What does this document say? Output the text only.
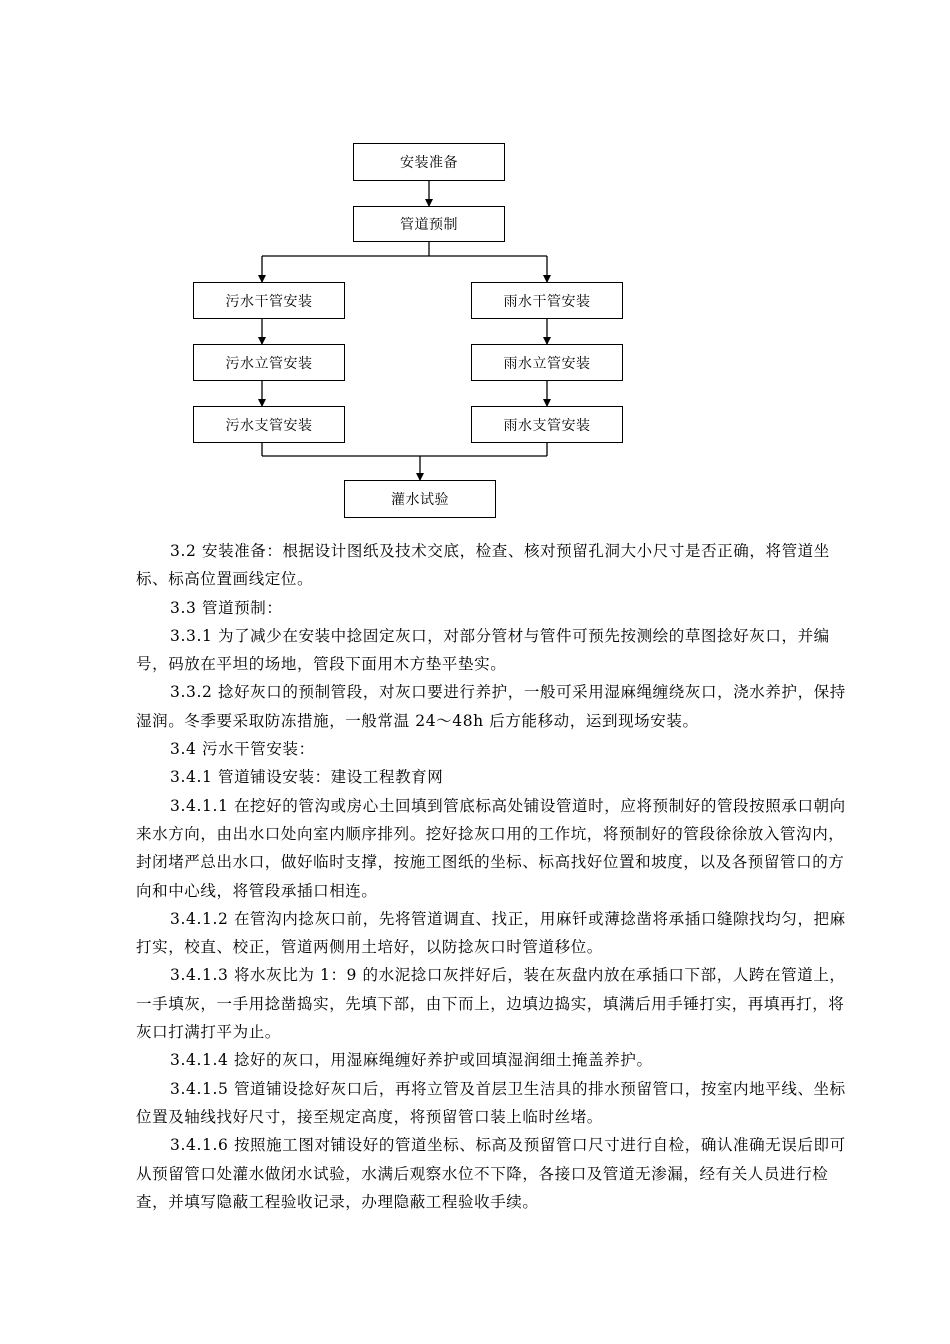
安装准备
管道预制
污水干管安装	雨水干管安装
污水立管安装	雨水立管安装
污水支管安装	雨水支管安装
灌水试验

3.2 安装准备：根据设计图纸及技术交底，检查、核对预留孔洞大小尺寸是否正确，将管道坐标、标高位置画线定位。

3.3 管道预制：

3.3.1 为了减少在安装中捻固定灰口，对部分管材与管件可预先按测绘的草图捻好灰口，并编号，码放在平坦的场地，管段下面用木方垫平垫实。

3.3.2 捻好灰口的预制管段，对灰口要进行养护，一般可采用湿麻绳缠绕灰口，浇水养护，保持湿润。冬季要采取防冻措施，一般常温 24～48h 后方能移动，运到现场安装。

3.4 污水干管安装：

3.4.1 管道铺设安装：建设工程教育网

3.4.1.1 在挖好的管沟或房心土回填到管底标高处铺设管道时，应将预制好的管段按照承口朝向来水方向，由出水口处向室内顺序排列。挖好捻灰口用的工作坑，将预制好的管段徐徐放入管沟内，封闭堵严总出水口，做好临时支撑，按施工图纸的坐标、标高找好位置和坡度，以及各预留管口的方向和中心线，将管段承插口相连。

3.4.1.2 在管沟内捻灰口前，先将管道调直、找正，用麻钎或薄捻凿将承插口缝隙找均匀，把麻打实，校直、校正，管道两侧用土培好，以防捻灰口时管道移位。

3.4.1.3 将水灰比为 1：9 的水泥捻口灰拌好后，装在灰盘内放在承插口下部，人跨在管道上，一手填灰，一手用捻凿捣实，先填下部，由下而上，边填边捣实，填满后用手锤打实，再填再打，将灰口打满打平为止。

3.4.1.4 捻好的灰口，用湿麻绳缠好养护或回填湿润细土掩盖养护。

3.4.1.5 管道铺设捻好灰口后，再将立管及首层卫生洁具的排水预留管口，按室内地平线、坐标位置及轴线找好尺寸，接至规定高度，将预留管口装上临时丝堵。

3.4.1.6 按照施工图对铺设好的管道坐标、标高及预留管口尺寸进行自检，确认准确无误后即可从预留管口处灌水做闭水试验，水满后观察水位不下降，各接口及管道无渗漏，经有关人员进行检查，并填写隐蔽工程验收记录，办理隐蔽工程验收手续。
